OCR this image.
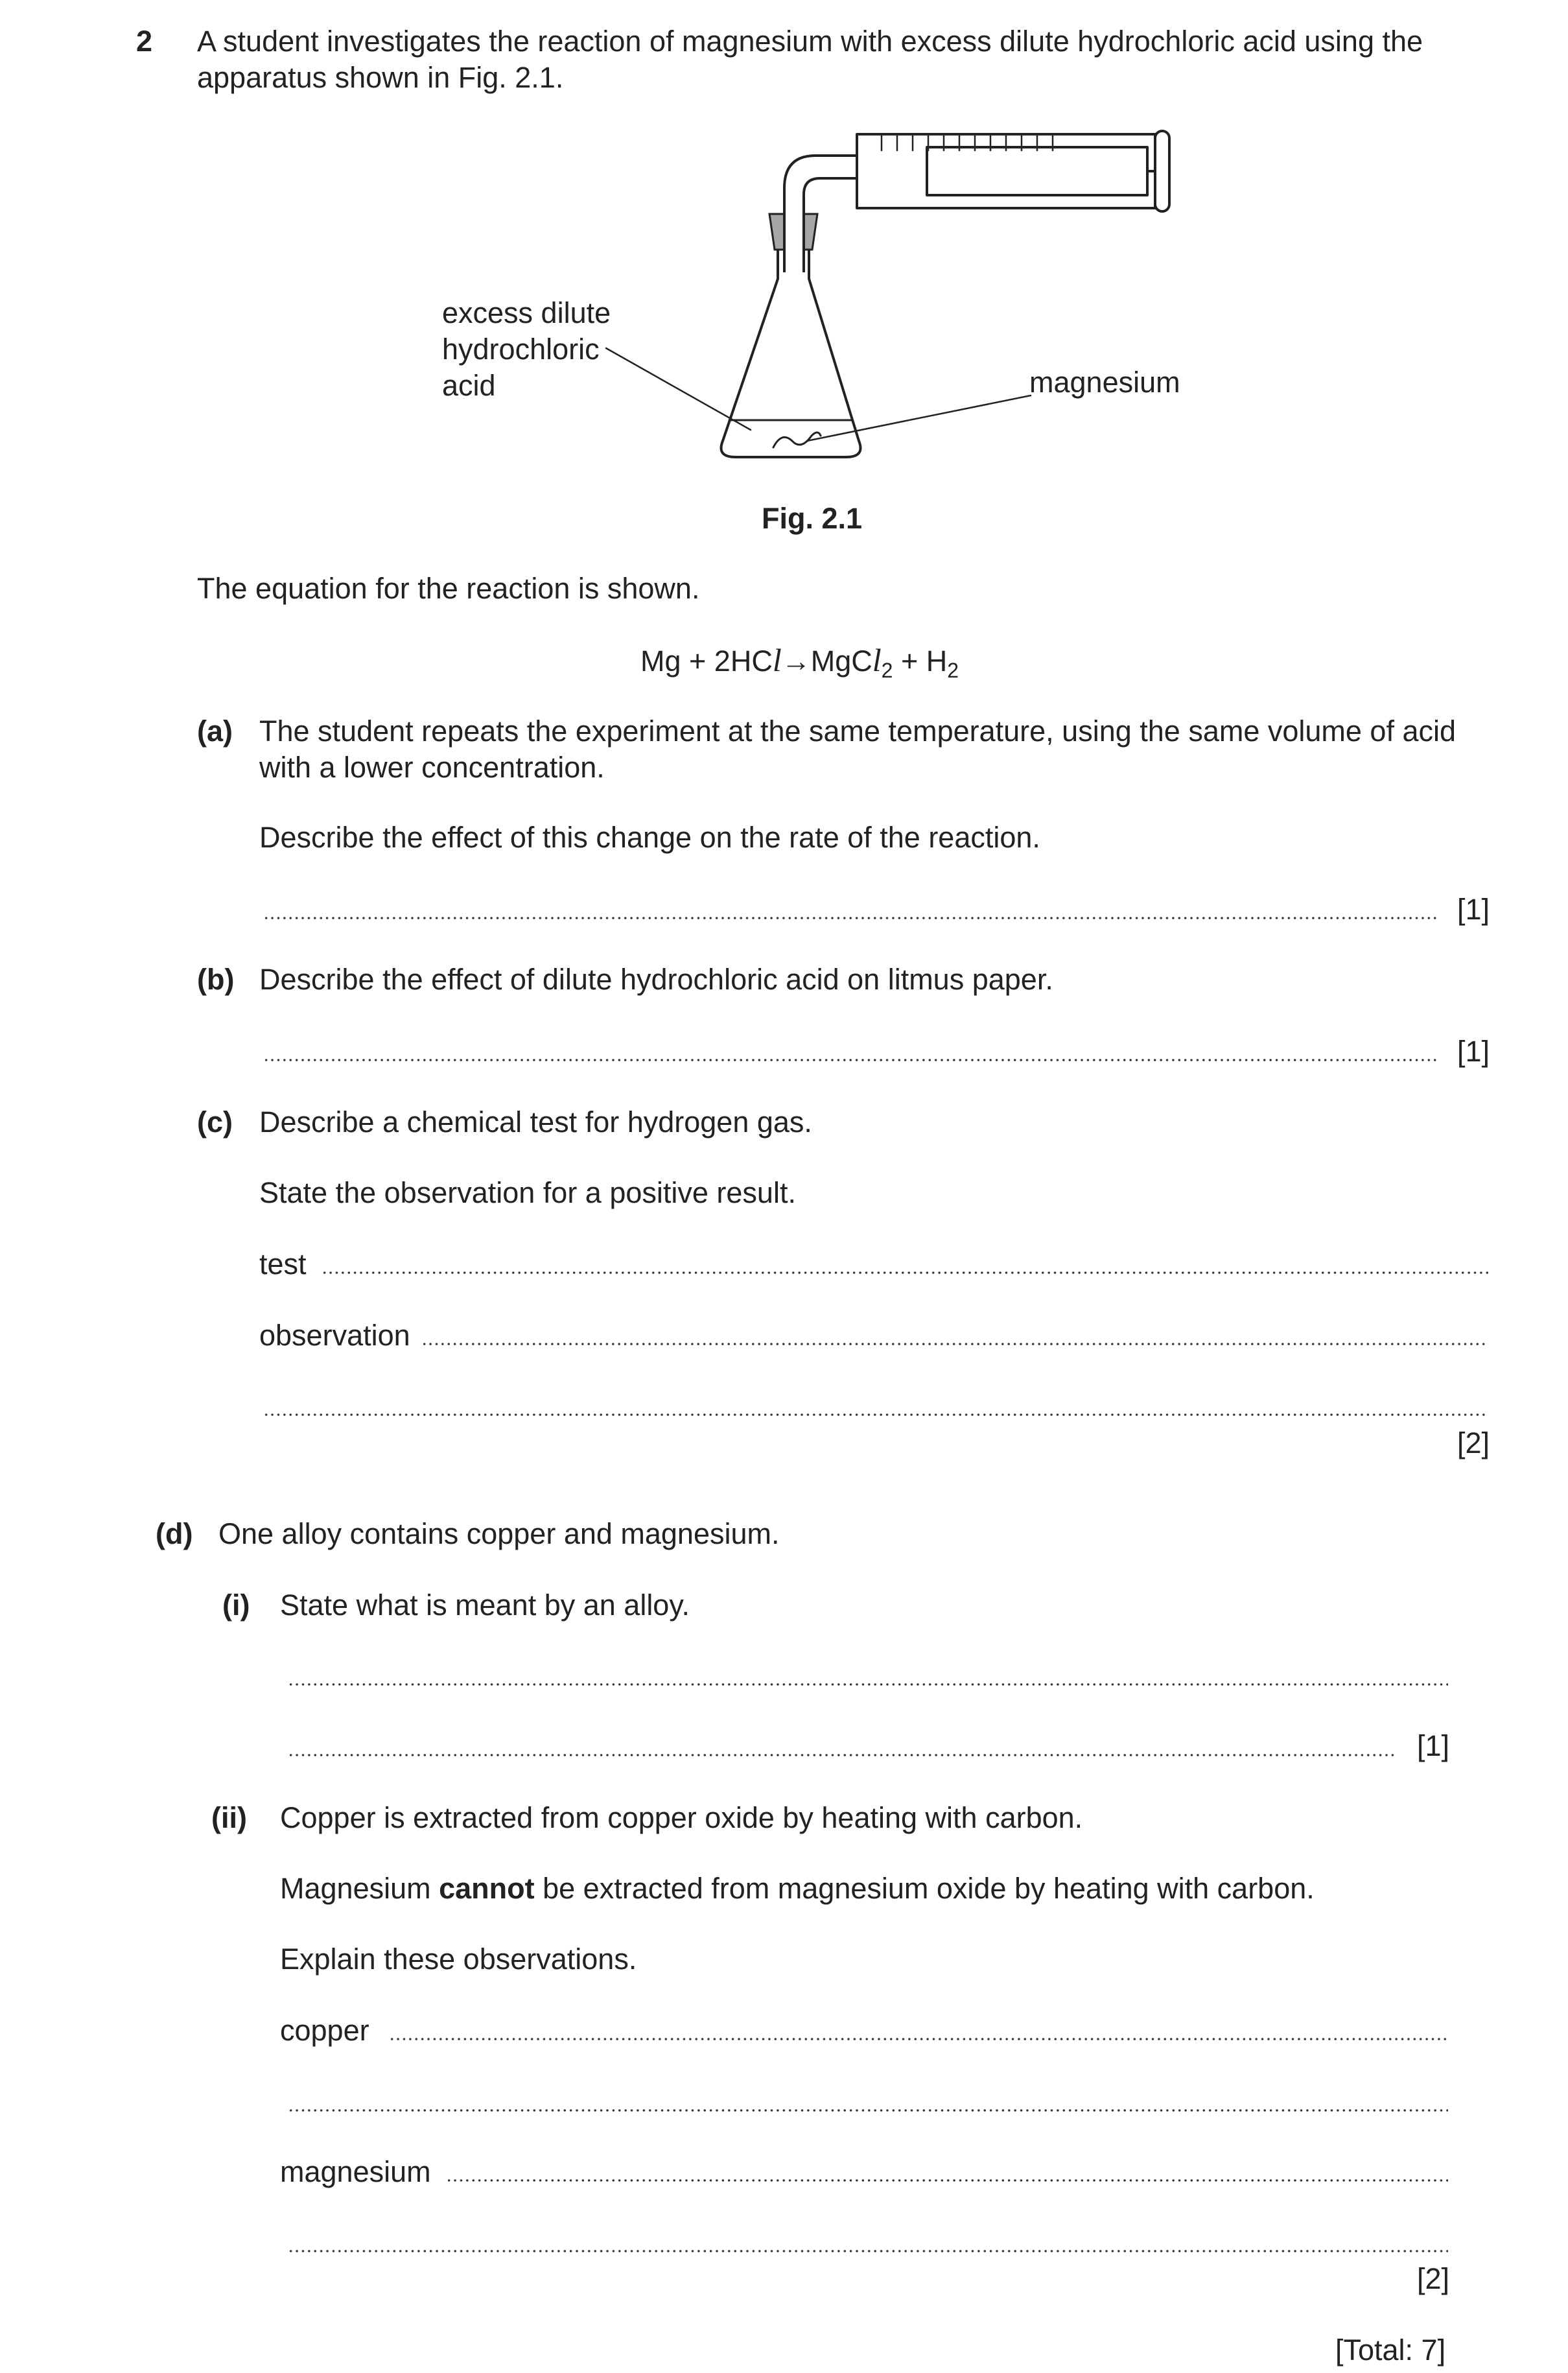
2 A student investigates the reaction of magnesium with excess dilute hydrochloric acid using the
apparatus shown in Fig. 2.1.
excess dilute
hydrochloric
acid	magnesium
Fig. 2.1
The equation for the reaction is shown.
Mg + 2HCl→MgCl$_2$ + $H_2$
(a) The student repeats the experiment at the same temperature, using the same volume of acid
with a lower concentration.
Describe the effect of this change on the rate of the reaction.
[1]
(b) Describe the effect of dilute hydrochloric acid on litmus paper.
[1]
(c) Describe a chemical test for hydrogen gas.
State the observation for a positive result.
test
observation
[2]
(d) One alloy contains copper and magnesium.
(i) State what is meant by an alloy.
[1]
(ii) Copper is extracted from copper oxide by heating with carbon.
Magnesium cannot be extracted from magnesium oxide by heating with carbon.
Explain these observations.
copper
magnesium
[2]
[Total: 7]
